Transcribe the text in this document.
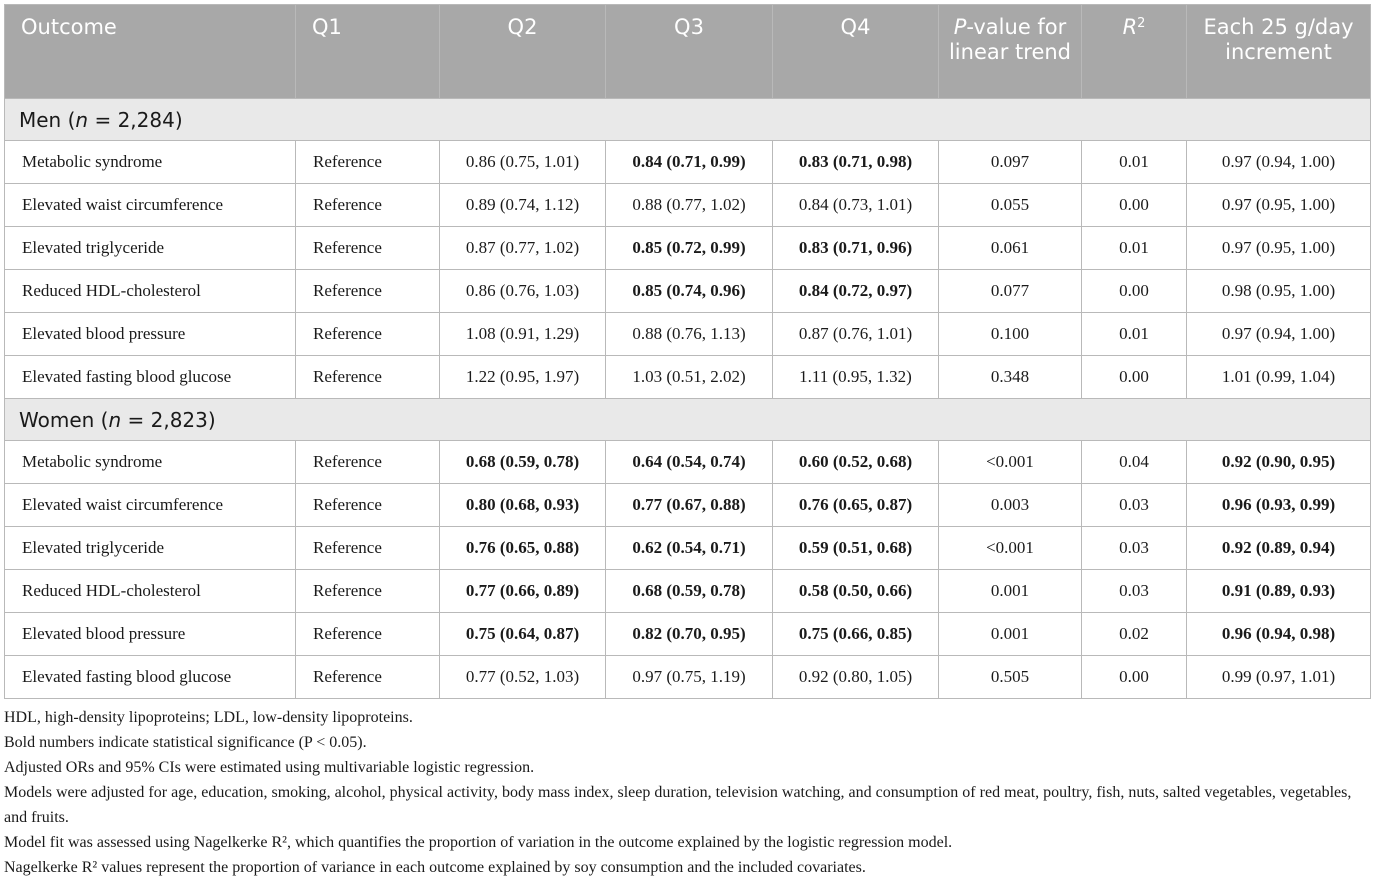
Outcome	Q1	Q2	Q3	Q4	P-value for linear trend	$R^2$	Each 25 g/day increment
Men (n = 2,284)							
Metabolic syndrome	Reference	0.86 (0.75, 1.01)	0.84 (0.71, 0.99)	0.83 (0.71, 0.98)	0.097	0.01	0.97 (0.94, 1.00)
Elevated waist circumference	Reference	0.89 (0.74, 1.12)	0.88 (0.77, 1.02)	0.84 (0.73, 1.01)	0.055	0.00	0.97 (0.95, 1.00)
Elevated triglyceride	Reference	0.87 (0.77, 1.02)	0.85 (0.72, 0.99)	0.83 (0.71, 0.96)	0.061	0.01	0.97 (0.95, 1.00)
Reduced HDL-cholesterol	Reference	0.86 (0.76, 1.03)	0.85 (0.74, 0.96)	0.84 (0.72, 0.97)	0.077	0.00	0.98 (0.95, 1.00)
Elevated blood pressure	Reference	1.08 (0.91, 1.29)	0.88 (0.76, 1.13)	0.87 (0.76, 1.01)	0.100	0.01	0.97 (0.94, 1.00)
Elevated fasting blood glucose	Reference	1.22 (0.95, 1.97)	1.03 (0.51, 2.02)	1.11 (0.95, 1.32)	0.348	0.00	1.01 (0.99, 1.04)
Women (n = 2,823)							
Metabolic syndrome	Reference	0.68 (0.59, 0.78)	0.64 (0.54, 0.74)	0.60 (0.52, 0.68)	<0.001	0.04	0.92 (0.90, 0.95)
Elevated waist circumference	Reference	0.80 (0.68, 0.93)	0.77 (0.67, 0.88)	0.76 (0.65, 0.87)	0.003	0.03	0.96 (0.93, 0.99)
Elevated triglyceride	Reference	0.76 (0.65, 0.88)	0.62 (0.54, 0.71)	0.59 (0.51, 0.68)	<0.001	0.03	0.92 (0.89, 0.94)
Reduced HDL-cholesterol	Reference	0.77 (0.66, 0.89)	0.68 (0.59, 0.78)	0.58 (0.50, 0.66)	0.001	0.03	0.91 (0.89, 0.93)
Elevated blood pressure	Reference	0.75 (0.64, 0.87)	0.82 (0.70, 0.95)	0.75 (0.66, 0.85)	0.001	0.02	0.96 (0.94, 0.98)
Elevated fasting blood glucose	Reference	0.77 (0.52, 1.03)	0.97 (0.75, 1.19)	0.92 (0.80, 1.05)	0.505	0.00	0.99 (0.97, 1.01)

HDL, high-density lipoproteins; LDL, low-density lipoproteins.

Bold numbers indicate statistical significance (P < 0.05).

Adjusted ORs and 95% CIs were estimated using multivariable logistic regression.

Models were adjusted for age, education, smoking, alcohol, physical activity, body mass index, sleep duration, television watching, and consumption of red meat, poultry, fish, nuts, salted vegetables, vegetables, and fruits.

Model fit was assessed using Nagelkerke R², which quantifies the proportion of variation in the outcome explained by the logistic regression model.

Nagelkerke R² values represent the proportion of variance in each outcome explained by soy consumption and the included covariates.
